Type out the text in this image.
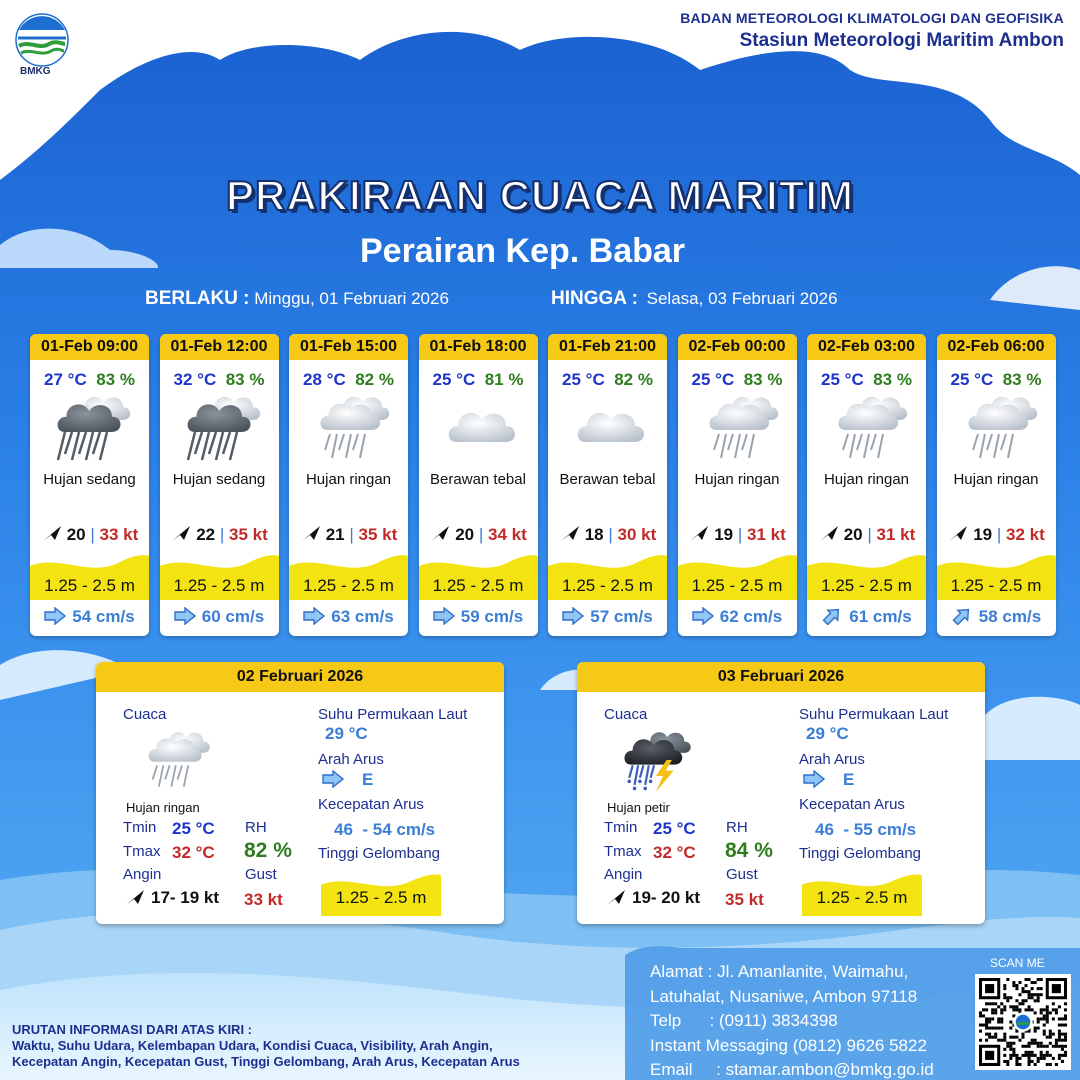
BMKG
BADAN METEOROLOGI KLIMATOLOGI DAN GEOFISIKA
Stasiun Meteorologi Maritim Ambon
PRAKIRAAN CUACA MARITIM
Perairan Kep. Babar
BERLAKU : Minggu, 01 Februari 2026	HINGGA : Selasa, 03 Februari 2026
01-Feb 09:00
27 °C 83 %
Hujan sedang
20 | 33 kt
1.25 - 2.5 m
54 cm/s
01-Feb 12:00
32 °C 83 %
Hujan sedang
22 | 35 kt
1.25 - 2.5 m
60 cm/s
01-Feb 15:00
28 °C 82 %
Hujan ringan
21 | 35 kt
1.25 - 2.5 m
63 cm/s
01-Feb 18:00
25 °C 81 %
Berawan tebal
20 | 34 kt
1.25 - 2.5 m
59 cm/s
01-Feb 21:00
25 °C 82 %
Berawan tebal
18 | 30 kt
1.25 - 2.5 m
57 cm/s
02-Feb 00:00
25 °C 83 %
Hujan ringan
19 | 31 kt
1.25 - 2.5 m
62 cm/s
02-Feb 03:00
25 °C 83 %
Hujan ringan
20 | 31 kt
1.25 - 2.5 m
61 cm/s
02-Feb 06:00
25 °C 83 %
Hujan ringan
19 | 32 kt
1.25 - 2.5 m
58 cm/s
02 Februari 2026
Cuaca
Hujan ringan
Tmin 25 °C
Tmax 32 °C
Angin
17- 19 kt
RH
82 %
Gust
33 kt
Suhu Permukaan Laut
29 °C
Arah Arus
E
Kecepatan Arus
46  - 54 cm/s
Tinggi Gelombang
1.25 - 2.5 m
03 Februari 2026
Cuaca
Hujan petir
Tmin 25 °C
Tmax 32 °C
Angin
19- 20 kt
RH
84 %
Gust
35 kt
Suhu Permukaan Laut
29 °C
Arah Arus
E
Kecepatan Arus
46  - 55 cm/s
Tinggi Gelombang
1.25 - 2.5 m
Alamat : Jl. Amanlanite, Waimahu,
Latuhalat, Nusaniwe, Ambon 97118
Telp      : (0911) 3834398
Instant Messaging (0812) 9626 5822
Email     : stamar.ambon@bmkg.go.id
SCAN ME
URUTAN INFORMASI DARI ATAS KIRI :
Waktu, Suhu Udara, Kelembapan Udara, Kondisi Cuaca, Visibility, Arah Angin,
Kecepatan Angin, Kecepatan Gust, Tinggi Gelombang, Arah Arus, Kecepatan Arus
